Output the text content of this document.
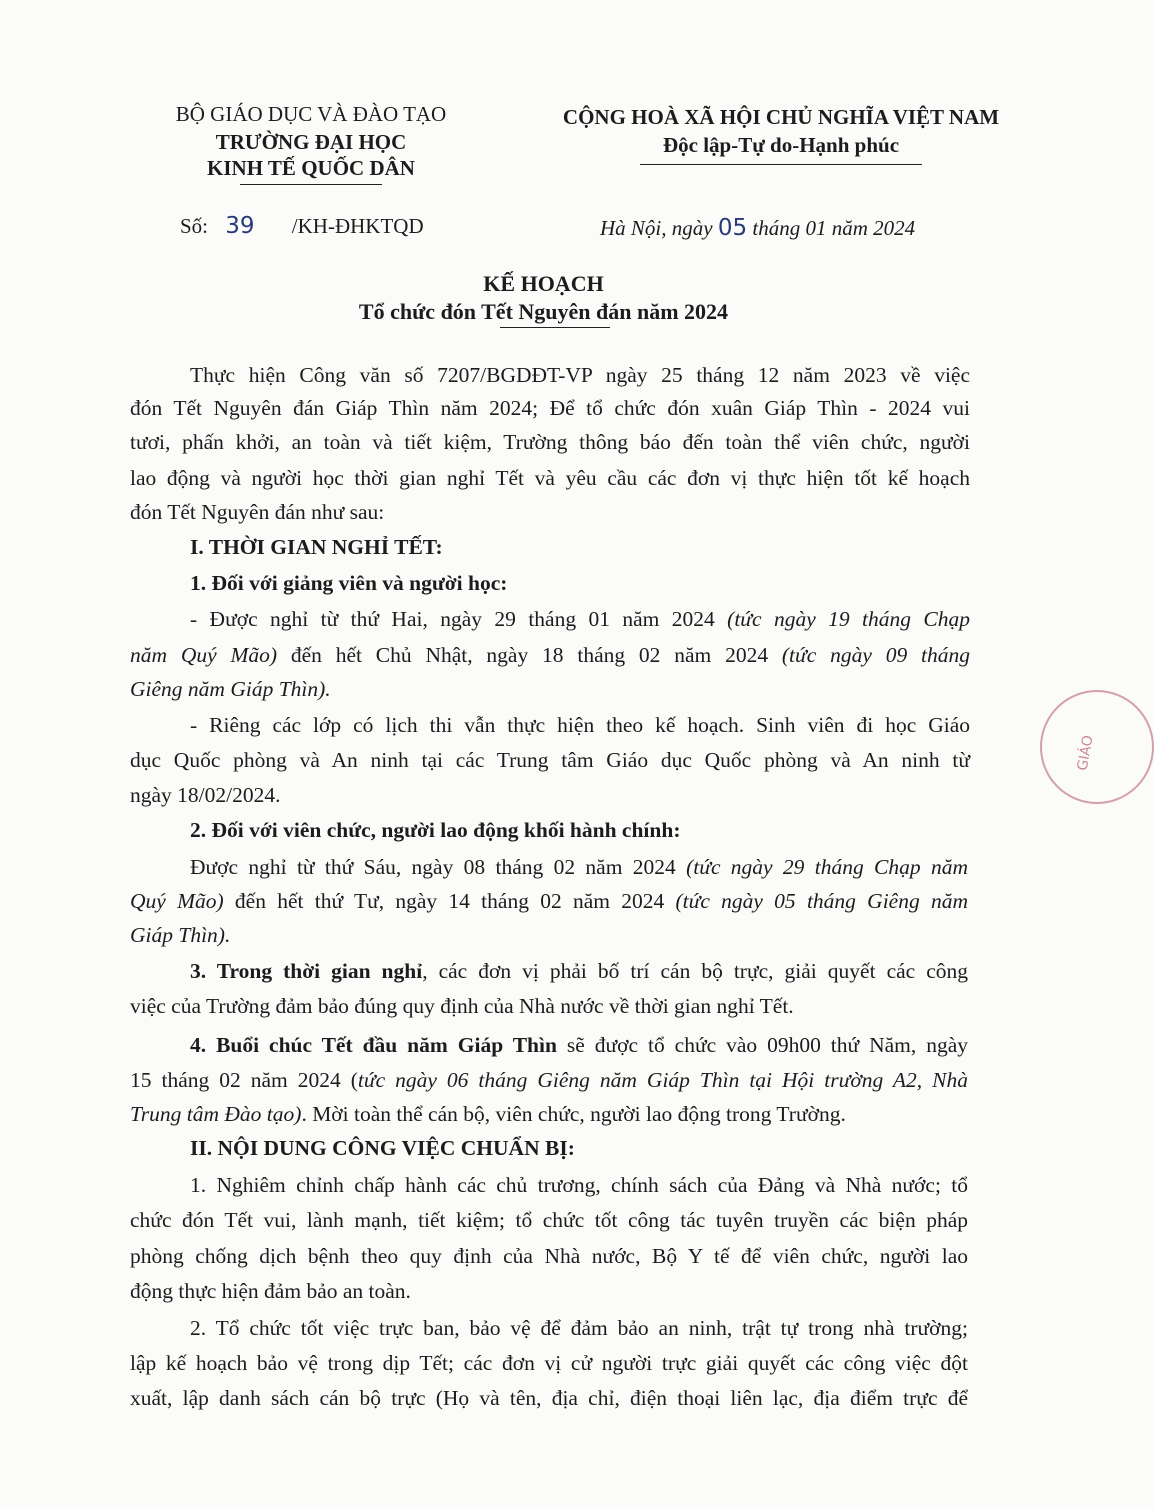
BỘ GIÁO DỤC VÀ ĐÀO TẠO
TRƯỜNG ĐẠI HỌC
KINH TẾ QUỐC DÂN
CỘNG HOÀ XÃ HỘI CHỦ NGHĨA VIỆT NAM
Độc lập-Tự do-Hạnh phúc
Số: 39 /KH-ĐHKTQD	Hà Nội, ngày 05 tháng 01 năm 2024
KẾ HOẠCH
Tổ chức đón Tết Nguyên đán năm 2024
GIÁO
Thực hiện Công văn số 7207/BGDĐT-VP ngày 25 tháng 12 năm 2023 về việc
đón Tết Nguyên đán Giáp Thìn năm 2024; Để tổ chức đón xuân Giáp Thìn - 2024 vui
tươi, phấn khởi, an toàn và tiết kiệm, Trường thông báo đến toàn thể viên chức, người
lao động và người học thời gian nghỉ Tết và yêu cầu các đơn vị thực hiện tốt kế hoạch
đón Tết Nguyên đán như sau:
I. THỜI GIAN NGHỈ TẾT:
1. Đối với giảng viên và người học:
- Được nghỉ từ thứ Hai, ngày 29 tháng 01 năm 2024 (tức ngày 19 tháng Chạp
năm Quý Mão) đến hết Chủ Nhật, ngày 18 tháng 02 năm 2024 (tức ngày 09 tháng
Giêng năm Giáp Thìn).
- Riêng các lớp có lịch thi vẫn thực hiện theo kế hoạch. Sinh viên đi học Giáo
dục Quốc phòng và An ninh tại các Trung tâm Giáo dục Quốc phòng và An ninh từ
ngày 18/02/2024.
2. Đối với viên chức, người lao động khối hành chính:
Được nghỉ từ thứ Sáu, ngày 08 tháng 02 năm 2024 (tức ngày 29 tháng Chạp năm
Quý Mão) đến hết thứ Tư, ngày 14 tháng 02 năm 2024 (tức ngày 05 tháng Giêng năm
Giáp Thìn).
3. Trong thời gian nghỉ, các đơn vị phải bố trí cán bộ trực, giải quyết các công
việc của Trường đảm bảo đúng quy định của Nhà nước về thời gian nghỉ Tết.
4. Buổi chúc Tết đầu năm Giáp Thìn sẽ được tổ chức vào 09h00 thứ Năm, ngày
15 tháng 02 năm 2024 (tức ngày 06 tháng Giêng năm Giáp Thìn tại Hội trường A2, Nhà
Trung tâm Đào tạo). Mời toàn thể cán bộ, viên chức, người lao động trong Trường.
II. NỘI DUNG CÔNG VIỆC CHUẨN BỊ:
1. Nghiêm chỉnh chấp hành các chủ trương, chính sách của Đảng và Nhà nước; tổ
chức đón Tết vui, lành mạnh, tiết kiệm; tổ chức tốt công tác tuyên truyền các biện pháp
phòng chống dịch bệnh theo quy định của Nhà nước, Bộ Y tế để viên chức, người lao
động thực hiện đảm bảo an toàn.
2. Tổ chức tốt việc trực ban, bảo vệ để đảm bảo an ninh, trật tự trong nhà trường;
lập kế hoạch bảo vệ trong dịp Tết; các đơn vị cử người trực giải quyết các công việc đột
xuất, lập danh sách cán bộ trực (Họ và tên, địa chỉ, điện thoại liên lạc, địa điểm trực để
